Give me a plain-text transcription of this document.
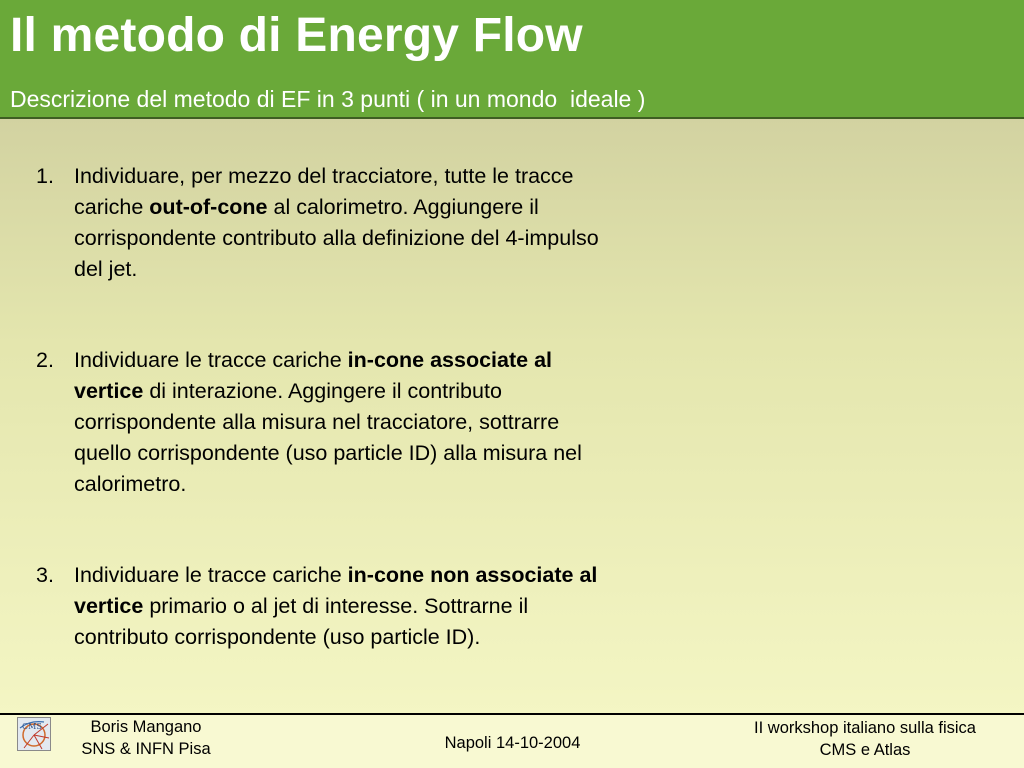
Il metodo di Energy Flow
Descrizione del metodo di EF in 3 punti ( in un mondo  ideale )
1. Individuare, per mezzo del tracciatore, tutte le tracce cariche out-of-cone al calorimetro. Aggiungere il corrispondente contributo alla definizione del 4-impulso del jet.
2. Individuare le tracce cariche in-cone associate al vertice di interazione. Aggingere il contributo corrispondente alla misura nel tracciatore, sottrarre quello corrispondente (uso particle ID) alla misura nel calorimetro.
3. Individuare le tracce cariche in-cone non associate al vertice primario o al jet di interesse. Sottrarne il contributo corrispondente (uso particle ID).
CMS	Boris Mangano
SNS & INFN Pisa	Napoli 14-10-2004
II workshop italiano sulla fisica
CMS e Atlas
